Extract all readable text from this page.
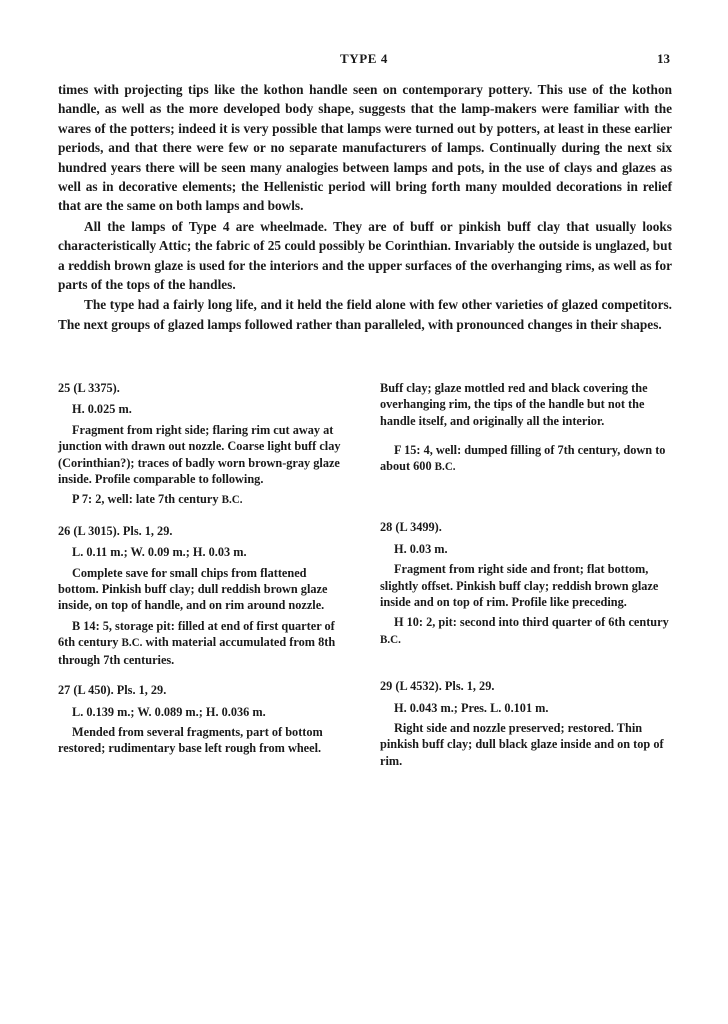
TYPE 4	13

times with projecting tips like the kothon handle seen on contemporary pottery. This use of the kothon handle, as well as the more developed body shape, suggests that the lamp-makers were familiar with the wares of the potters; indeed it is very possible that lamps were turned out by potters, at least in these earlier periods, and that there were few or no separate manufacturers of lamps. Continually during the next six hundred years there will be seen many analogies between lamps and pots, in the use of clays and glazes as well as in decorative elements; the Hellenistic period will bring forth many moulded decorations in relief that are the same on both lamps and bowls.

All the lamps of Type 4 are wheelmade. They are of buff or pinkish buff clay that usually looks characteristically Attic; the fabric of 25 could possibly be Corinthian. Invariably the outside is unglazed, but a reddish brown glaze is used for the interiors and the upper surfaces of the overhanging rims, as well as for parts of the tops of the handles.

The type had a fairly long life, and it held the field alone with few other varieties of glazed competitors. The next groups of glazed lamps followed rather than paralleled, with pronounced changes in their shapes.

25 (L 3375).

H. 0.025 m.

Fragment from right side; flaring rim cut away at junction with drawn out nozzle. Coarse light buff clay (Corinthian?); traces of badly worn brown-gray glaze inside. Profile comparable to following.

P 7: 2, well: late 7th century B.C.

26 (L 3015). Pls. 1, 29.

L. 0.11 m.; W. 0.09 m.; H. 0.03 m.

Complete save for small chips from flattened bottom. Pinkish buff clay; dull reddish brown glaze inside, on top of handle, and on rim around nozzle.

B 14: 5, storage pit: filled at end of first quarter of 6th century B.C. with material accumulated from 8th through 7th centuries.

27 (L 450). Pls. 1, 29.

L. 0.139 m.; W. 0.089 m.; H. 0.036 m.

Mended from several fragments, part of bottom restored; rudimentary base left rough from wheel.

Buff clay; glaze mottled red and black covering the overhanging rim, the tips of the handle but not the handle itself, and originally all the interior.

F 15: 4, well: dumped filling of 7th century, down to about 600 B.C.

28 (L 3499).

H. 0.03 m.

Fragment from right side and front; flat bottom, slightly offset. Pinkish buff clay; reddish brown glaze inside and on top of rim. Profile like preceding.

H 10: 2, pit: second into third quarter of 6th century B.C.

29 (L 4532). Pls. 1, 29.

H. 0.043 m.; Pres. L. 0.101 m.

Right side and nozzle preserved; restored. Thin pinkish buff clay; dull black glaze inside and on top of rim.
